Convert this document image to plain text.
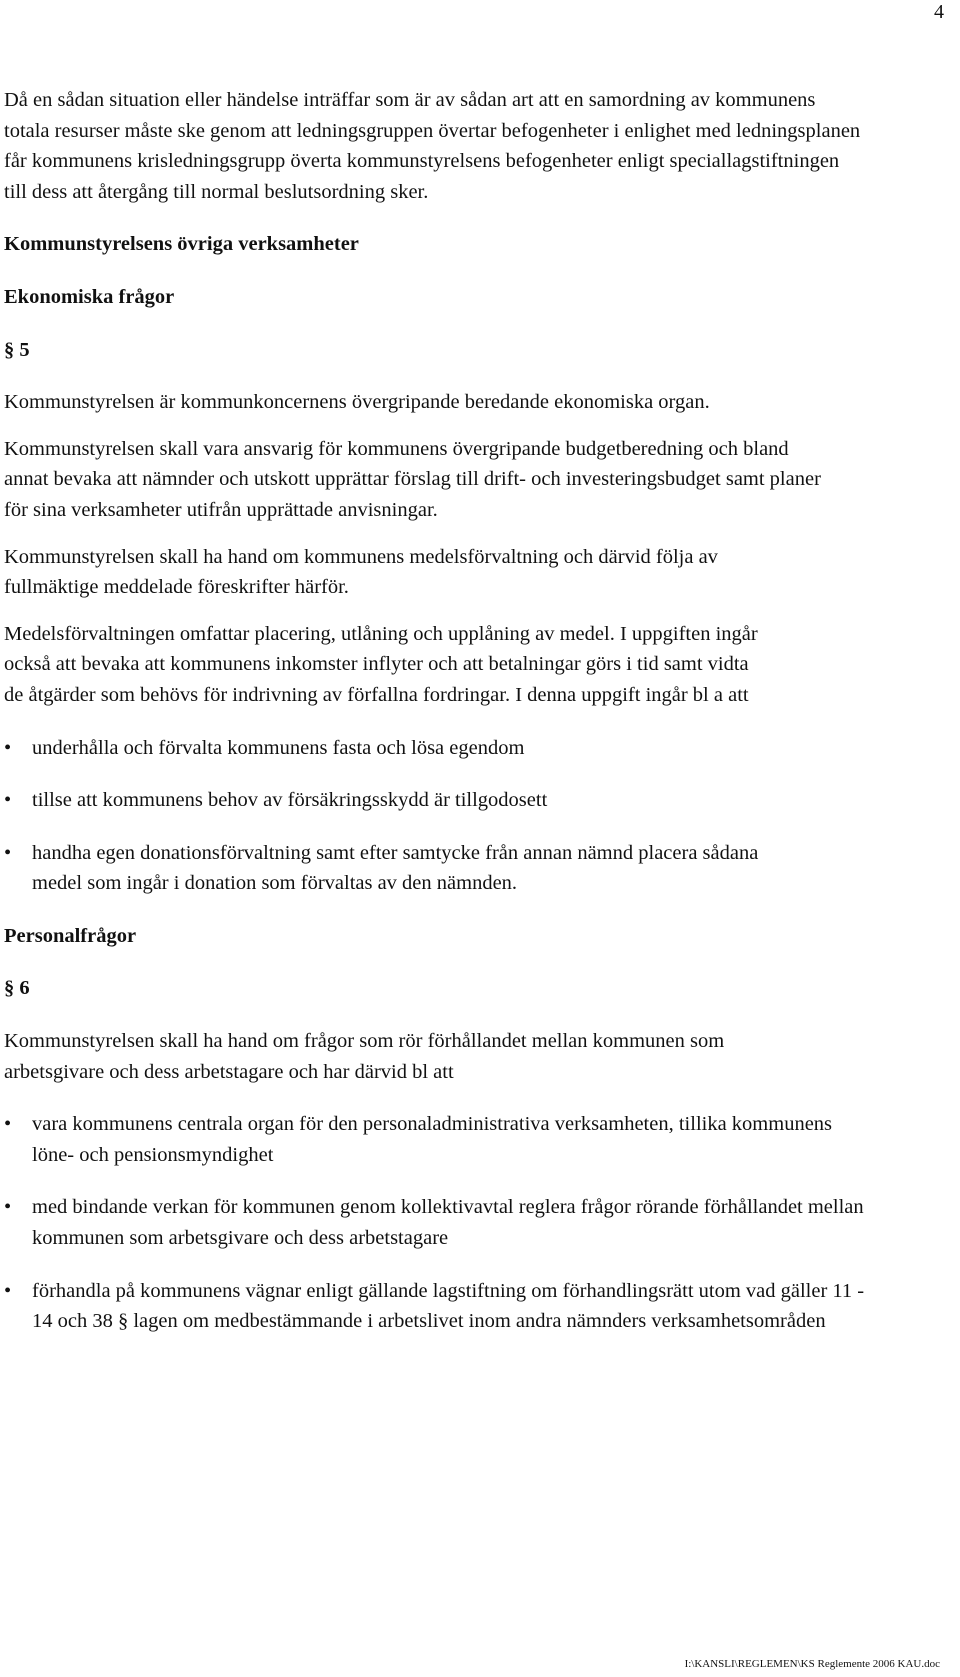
4

Då en sådan situation eller händelse inträffar som är av sådan art att en samordning av kommunens totala resurser måste ske genom att ledningsgruppen övertar befogenheter i enlighet med ledningsplanen får kommunens krisledningsgrupp överta kommunstyrelsens befogenheter enligt speciallagstiftningen till dess att återgång till normal beslutsordning sker.

Kommunstyrelsens övriga verksamheter
Ekonomiska frågor
§ 5

Kommunstyrelsen är kommunkoncernens övergripande beredande ekonomiska organ.

Kommunstyrelsen skall vara ansvarig för kommunens övergripande budgetberedning och bland annat bevaka att nämnder och utskott upprättar förslag till drift- och investeringsbudget samt planer för sina verksamheter utifrån upprättade anvisningar.

Kommunstyrelsen skall ha hand om kommunens medelsförvaltning och därvid följa av fullmäktige meddelade föreskrifter härför.

Medelsförvaltningen omfattar placering, utlåning och upplåning av medel. I uppgiften ingår också att bevaka att kommunens inkomster inflyter och att betalningar görs i tid samt vidta de åtgärder som behövs för indrivning av förfallna fordringar. I denna uppgift ingår bl a att

•	underhålla och förvalta kommunens fasta och lösa egendom
•	tillse att kommunens behov av försäkringsskydd är tillgodosett
•	handha egen donationsförvaltning samt efter samtycke från annan nämnd placera sådana medel som ingår i donation som förvaltas av den nämnden.
Personalfrågor
§ 6

Kommunstyrelsen skall ha hand om frågor som rör förhållandet mellan kommunen som arbetsgivare och dess arbetstagare och har därvid bl att

•	vara kommunens centrala organ för den personaladministrativa verksamheten, tillika kommunens löne- och pensionsmyndighet
•	med bindande verkan för kommunen genom kollektivavtal reglera frågor rörande förhållandet mellan kommunen som arbetsgivare och dess arbetstagare
•	förhandla på kommunens vägnar enligt gällande lagstiftning om förhandlingsrätt utom vad gäller 11 - 14 och 38 § lagen om medbestämmande i arbetslivet inom andra nämnders verksamhetsområden
I:\KANSLI\REGLEMEN\KS Reglemente 2006 KAU.doc
